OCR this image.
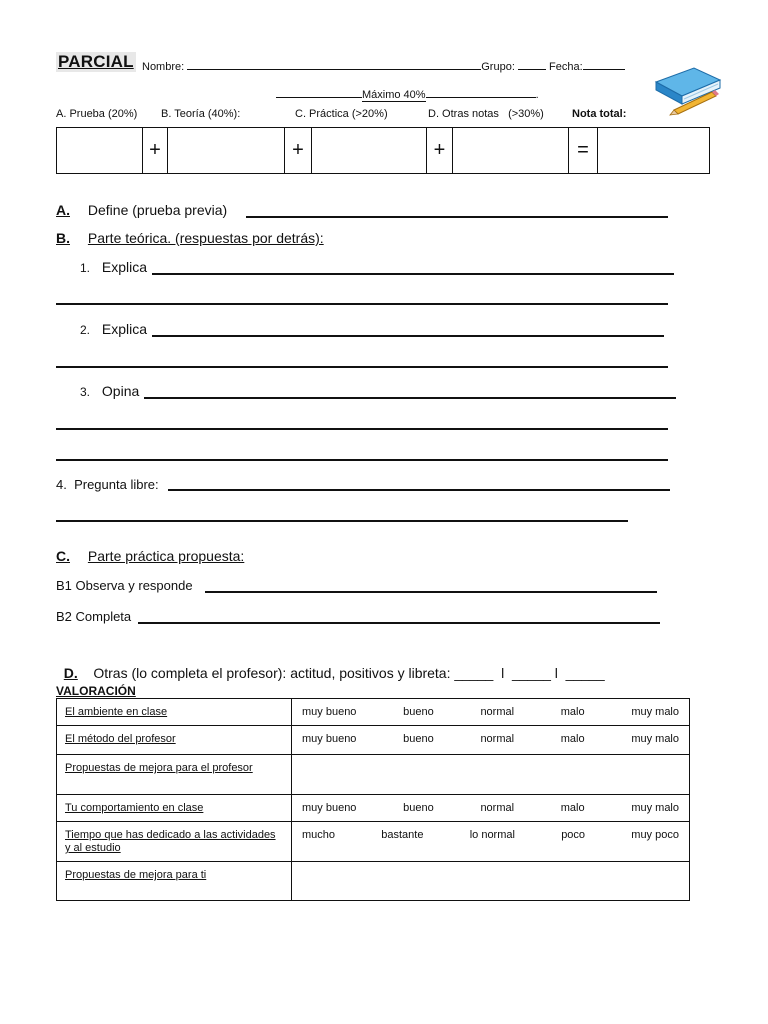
PARCIAL Nombre:	Grupo:	Fecha:
Máximo 40%	.
A. Prueba (20%) B. Teoría (40%):	C. Práctica (>20%)	D. Otras notas   (>30%)	Nota total:
+	+	+	=
A. Define (prueba previa)
B. Parte teórica. (respuestas por detrás):
1. Explica
2. Explica
3. Opina
4.  Pregunta libre:
C. Parte práctica propuesta:
B1 Observa y responde
B2 Completa

D. Otras (lo completa el profesor): actitud, positivos y libreta: _____  l  _____ l  _____

VALORACIÓN
El ambiente en clase	muy bueno bueno normal malo muy malo

El método del profesor	muy bueno bueno normal malo muy malo

Propuestas de mejora para el profesor	
Tu comportamiento en clase	muy bueno bueno normal malo muy malo

Tiempo que has dedicado a las actividades y al estudio	mucho bastante lo normal poco muy poco

Propuestas de mejora para ti	
